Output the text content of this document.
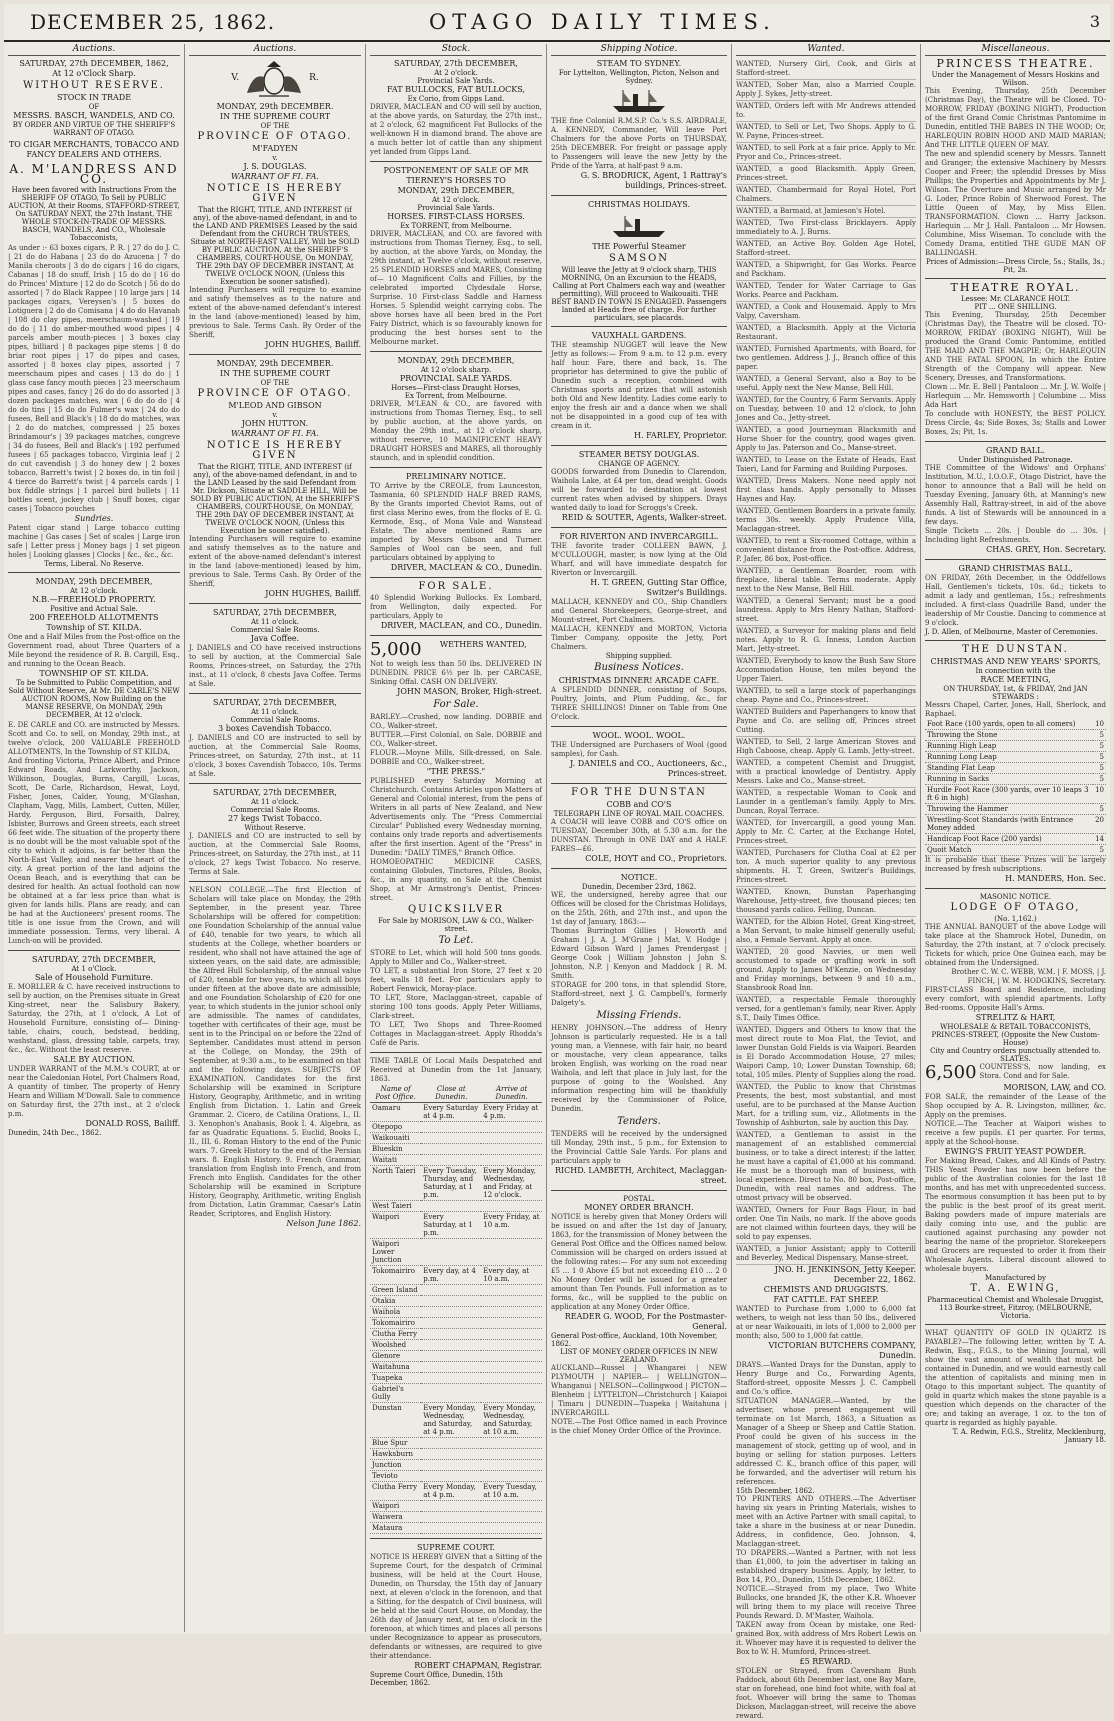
DECEMBER 25, 1862.	OTAGO DAILY TIMES.	3
Auctions.
SATURDAY, 27th DECEMBER, 1862,
At 12 o'Clock Sharp.
WITHOUT RESERVE.
STOCK IN TRADE
OF
MESSRS. BASCH, WANDELS, AND CO.
BY ORDER AND VIRTUE OF THE SHERIFF'S WARRANT OF OTAGO.
TO CIGAR MERCHANTS, TOBACCO AND FANCY DEALERS AND OTHERS.
A. M'LANDRESS AND CO.
Have been favored with Instructions From the SHERIFF OF OTAGO, To Sell by PUBLIC AUCTION, At their Rooms, STAFFORD-STREET, On SATURDAY NEXT, the 27th Instant, THE WHOLE STOCK-IN-TRADE OF MESSRS. BASCH, WANDELS, And CO., Wholesale Tobacconists,
As under :- 63 boxes cigars, P. R. | 27 do do J. C. | 21 do do Habana | 23 do do Azucena | 7 do Manila cheroots | 3 do do cigars | 16 do cigars, Cabanas | 18 do snuff, Irish | 15 do do | 16 do do Princes' Mixture | 12 do do Scotch | 56 do do assorted | 7 do Black Rappee | 10 large jars | 14 packages cigars, Vereysen's | 5 boxes do Lotiguera | 2 do do Comisana | 4 do do Havanah | 108 do clay pipes, meerschaum-washed | 19 do do | 11 do amber-mouthed wood pipes | 4 parcels amber mouth-pieces | 3 boxes clay pipes, billiard | 8 packages pipe stems | 8 do briar root pipes | 17 do pipes and cases, assorted | 8 boxes clay pipes, assorted | 7 meerschaum pipes and cases | 13 do do | 1 glass case fancy mouth pieces | 23 meerschaum pipes and cases, fancy | 26 do do do assorted | 3 dozen packages matches, wax | 6 do do do | 4 do do tins | 15 do do Fulmer's wax | 24 do do fusees, Bell and Black's | 18 do do matches, wax | 2 do do matches, compressed | 25 boxes Brindamour's | 39 packages matches, congreve | 34 do fusees, Bell and Black's | 192 perfumed fusees | 65 packages tobacco, Virginia leaf | 2 do cut cavendish | 3 do honey dew | 2 boxes tobacco, Barrett's twist | 2 boxes do, in tin foil | 4 tierce do Barrett's twist | 4 parcels cards | 1 box fiddle strings | 1 parcel bird bullets | 11 bottles scent, jockey club | Snuff boxes, cigar cases | Tobacco pouches
Sundries.
Patent cigar stand | Large tobacco cutting machine | Gas cases | Set of scales | Large iron safe | Letter press | Money bags | 1 set pigeon holes | Looking glasses | Clocks | &c., &c., &c.
Terms, Liberal. No Reserve.
MONDAY, 29th DECEMBER,
At 12 o'clock.
N.B.—FREEHOLD PROPERTY.
Positive and Actual Sale.
200 FREEHOLD ALLOTMENTS
Township of ST. KILDA.
One and a Half Miles from the Post-office on the Government road, about Three Quarters of a Mile beyond the residence of R. B. Cargill, Esq., and running to the Ocean Beach.
TOWNSHIP OF ST. KILDA.
To be Submitted to Public Competition, and Sold Without Reserve, At Mr. DE CARLE'S NEW AUCTION ROOMS, Now Building on the MANSE RESERVE, On MONDAY, 29th DECEMBER, At 12 o'clock.
E. DE CARLE and CO. are instructed by Messrs. Scott and Co. to sell, on Monday, 29th inst., at twelve o'clock, 200 VALUABLE FREEHOLD ALLOTMENTS, In the Township of ST KILDA,
And fronting Victoria, Prince Albert, and Prince Edward Roads, And Larkworthy, Jackson, Wilkinson, Douglas, Burns, Cargill, Lucas, Scott, De Carle, Richardson, Hewat, Loyd, Fisher, Jones, Calder, Young, M'Glashan, Clapham, Vagg, Mills, Lambert, Cutten, Miller, Hardy, Ferguson, Bird, Forsaith, Dalrey, Isbister, Burrows and Green streets, each street 66 feet wide. The situation of the property there is no doubt will be the most valuable spot of the city to which it adjoins, is far better than the North-East Valley, and nearer the heart of the city. A great portion of the land adjoins the Ocean Beach, and is everything that can be desired for health. An actual foothold can now be obtained at a far less price than what is given for lands hills. Plans are ready, and can be had at the Auctioneers' present rooms. The title is one issue from the Crown, and will immediate possession. Terms, very liberal. A Lunch-on will be provided.
SATURDAY, 27th DECEMBER,
At 1 o'Clock.
Sale of Household Furniture.
E. MORLLER & C. have received instructions to sell by auction, on the Premises situate in Great King-street, near the Salisbury Bakery, Saturday, the 27th, at 1 o'clock, A Lot of Household Furniture, consisting of— Dining-table, chairs, couch, bedstead, bedding, washstand, glass, dressing table, carpets, tray, &c., &c. Without the least reserve.
SALE BY AUCTION.
UNDER WARRANT of the M.M.'s COURT, at or near the Caledonian Hotel, Port Chalmers Road, A quantity of timber, The property of Henry Hearn and William M'Dowall. Sale to commence on Saturday first, the 27th inst., at 2 o'clock p.m.
DONALD ROSS, Bailiff.
Dunedin, 24th Dec., 1862.
Auctions.
V.	R.
MONDAY, 29th DECEMBER.
IN THE SUPREME COURT
OF THE
PROVINCE OF OTAGO.
M'FADYEN
v.
J. S. DOUGLAS.
WARRANT OF FI. FA.
NOTICE IS HEREBY GIVEN
That the RIGHT, TITLE, AND INTEREST (if any), of the above-named defendant, in and to the LAND AND PREMISES Leased by the said Defendant from the CHURCH TRUSTEES, Situate at NORTH-EAST VALLEY, Will be SOLD BY PUBLIC AUCTION, At the SHERIFF'S CHAMBERS, COURT-HOUSE, On MONDAY, THE 29th DAY OF DECEMBER INSTANT, At TWELVE O'CLOCK NOON, (Unless this Execution be sooner satisfied).
Intending Purchasers will require to examine and satisfy themselves as to the nature and extent of the above-named defendant's interest in the land (above-mentioned) leased by him, previous to Sale. Terms Cash. By Order of the Sheriff,
JOHN HUGHES, Bailiff.
MONDAY, 29th DECEMBER.
IN THE SUPREME COURT
OF THE
PROVINCE OF OTAGO.
M'LEOD AND GIBSON
v.
JOHN HUTTON.
WARRANT OF FI. FA.
NOTICE IS HEREBY GIVEN
That the RIGHT, TITLE, AND INTEREST (if any), of the above-named defendant, in and to the LAND Leased by the said Defendant from Mr. Dickson, Situate at SADDLE HILL, Will be SOLD BY PUBLIC AUCTION, At the SHERIFF'S CHAMBERS, COURT-HOUSE, On MONDAY, THE 29th DAY OF DECEMBER INSTANT, At TWELVE O'CLOCK NOON, (Unless this Execution be sooner satisfied).
Intending Purchasers will require to examine and satisfy themselves as to the nature and extent of the above-named defendant's interest in the land (above-mentioned) leased by him, previous to Sale. Terms Cash. By Order of the Sheriff,
JOHN HUGHES, Bailiff.
SATURDAY, 27th DECEMBER,
At 11 o'clock.
Commercial Sale Rooms.
Java Coffee.
J. DANIELS and CO have received instructions to sell by auction, at the Commercial Sale Rooms, Princes-street, on Saturday, the 27th inst., at 11 o'clock, 8 chests Java Coffee. Terms at Sale.
SATURDAY, 27th DECEMBER,
At 11 o'clock.
Commercial Sale Rooms.
3 boxes Cavendish Tobacco.
J. DANIELS and CO are instructed to sell by auction, at the Commercial Sale Rooms, Princes-street, on Saturday, 27th inst., at 11 o'clock, 3 boxes Cavendish Tobacco, 10s. Terms at Sale.
SATURDAY, 27th DECEMBER,
At 11 o'clock.
Commercial Sale Rooms.
27 kegs Twist Tobacco.
Without Reserve.
J. DANIELS and CO are instructed to sell by auction, at the Commercial Sale Rooms, Princes-street, on Saturday, the 27th inst., at 11 o'clock, 27 kegs Twist Tobacco. No reserve. Terms at Sale.
NELSON COLLEGE.—The first Election of Scholars will take place on Monday, the 29th September, in the present year. Three Scholarships will be offered for competition: one Foundation Scholarship of the annual value of £40, tenable for two years, to which all students at the College, whether boarders or resident, who shall not have attained the age of sixteen years, on the said date, are admissible; the Alfred Hull Scholarship, of the annual value of £20, tenable for two years, to which all boys under fifteen at the above date are admissible; and one Foundation Scholarship of £20 for one year, to which students in the junior school only are admissible. The names of candidates, together with certificates of their age, must be sent in to the Principal on or before the 22nd of September. Candidates must attend in person at the College, on Monday, the 29th of September, at 9:30 a.m., to be examined on that and the following days. SUBJECTS OF EXAMINATION. Candidates for the first Scholarship will be examined in Scripture History, Geography, Arithmetic, and in writing English from Dictation. 1. Latin and Greek Grammar. 2. Cicero, de Catilina Orations, I., II. 3. Xenophon's Anabasis, Book I. 4. Algebra, as far as Quadratic Equations. 5. Euclid, Books I., II., III. 6. Roman History to the end of the Punic wars. 7. Greek History to the end of the Persian wars. 8. English History. 9. French Grammar, translation from English into French, and from French into English. Candidates for the other Scholarship will be examined in Scripture History, Geography, Arithmetic, writing English from Dictation, Latin Grammar, Caesar's Latin Reader, Scriptores, and English History.
Nelson June 1862.
Stock.
SATURDAY, 27th DECEMBER,
At 2 o'clock.
Provincial Sale Yards.
FAT BULLOCKS, FAT BULLOCKS,
Ex Corio, from Gipps Land.
DRIVER, MACLEAN and CO will sell by auction, at the above yards, on Saturday, the 27th inst., at 2 o'clock, 62 magnificent Fat Bullocks of the well-known H in diamond brand. The above are a much better lot of cattle than any shipment yet landed from Gipps Land.
POSTPONEMENT OF SALE OF MR TIERNEY'S HORSES TO
MONDAY, 29th DECEMBER,
At 12 o'clock.
Provincial Sale Yards.
HORSES. FIRST-CLASS HORSES.
Ex TORRENT, from Melbourne.
DRIVER, MACLEAN, and CO. are favored with instructions from Thomas Tierney, Esq., to sell, by auction, at the above Yards, on Monday, the 29th instant, at Twelve o'clock, without reserve, 25 SPLENDID HORSES and MARES, Consisting of— 10 Magnificent Colts and Fillies, by the celebrated imported Clydesdale Horse, Surprise. 10 First-class Saddle and Harness Horses. 5 Splendid weight carrying cobs. The above horses have all been bred in the Port Fairy District, which is so favourably known for producing the best horses sent to the Melbourne market.
MONDAY, 29th DECEMBER,
At 12 o'clock sharp.
PROVINCIAL SALE YARDS.
Horses—First-class Draught Horses,
Ex Torrent, from Melbourne.
DRIVER, M'LEAN & CO., are favored with instructions from Thomas Tierney, Esq., to sell by public auction, at the above yards, on Monday the 29th inst., at 12 o'clock sharp, without reserve, 10 MAGNIFICENT HEAVY DRAUGHT HORSES and MARES, all thoroughly staunch, and in splendid condition.
PRELIMINARY NOTICE.
TO Arrive by the CREOLE, from Launceston, Tasmania, 60 SPLENDID HALF BRED RAMS, By the Grants imported Cheviot Rams, out of first class Merino ewes, from the flocks of E. G. Kermode, Esq., of Mona Vale and Wanstead Estate. The above mentioned Rams are imported by Messrs Gibson and Turner. Samples of Wool can be seen, and full particulars obtained by applying to
DRIVER, MACLEAN & CO., Dunedin.
FOR SALE.
40 Splendid Working Bullocks. Ex Lombard, from Wellington, daily expected. For particulars, Apply to
DRIVER, MACLEAN, and CO., Dunedin.
5,000	WETHERS WANTED,
Not to weigh less than 50 lbs. DELIVERED IN DUNEDIN. PRICE 6½ per lb. per CARCASE, Sinking Offal. CASH ON DELIVERY.
JOHN MASON, Broker, High-street.
For Sale.
BARLEY.—Crushed, now landing. DOBBIE and CO., Walker-street.
BUTTER.—First Colonial, on Sale. DOBBIE and CO., Walker-street.
FLOUR.—Moyne Mills, Silk-dressed, on Sale. DOBBIE and CO., Walker-street.
"THE PRESS."
PUBLISHED every Saturday Morning at Christchurch. Contains Articles upon Matters of General and Colonial interest, from the pens of Writers in all parts of New Zealand, and New Advertisements only. The "Press Commercial Circular" Published every Wednesday morning, contains only trade reports and advertisements after the first insertion. Agent of the "Press" in Dunedin: "DAILY TIMES," Branch Office.
HOMOEOPATHIC MEDICINE CASES, containing Globules, Tinctures, Pilules, Books, &c., in any quantity, on Sale at the Chemist Shop, at Mr Armstrong's Dentist, Princes-street.
QUICKSILVER
For Sale by MORISON, LAW & CO., Walker-street.
To Let.
STORE to Let, which will hold 500 tons goods. Apply to Miller and Co., Walker-street.
TO LET, a substantial Iron Store, 27 feet x 20 feet, walls 18 feet. For particulars apply to Robert Fenwick, Moray-place.
TO LET, Store, Maclaggan-street, capable of storing 100 tons goods. Apply Peter Williams, Clark-street.
TO LET, Two Shops and Three-Roomed Cottages in Maclaggan-street. Apply Rhodda's Café de Paris.
TIME TABLE Of Local Mails Despatched and Received at Dunedin from the 1st January, 1863.
Name of Post Office.	Close at Dunedin.	Arrive at Dunedin.
Oamaru	Every Saturday at 4 p.m.	Every Friday at 4 p.m.
Otepopo		
Waikouaiti		
Blueskin		
Waitati		
North Taieri	Every Tuesday, Thursday, and Saturday, at 1 p.m.	Every Monday, Wednesday, and Friday, at 12 o'clock.
West Taieri		
Waipori	Every Saturday, at 1 p.m.	Every Friday, at 10 a.m.
Waipori Lower Junction		
Tokomairiro	Every day, at 4 p.m.	Every day, at 10 a.m.
Green Island		
Otakia		
Waihola		
Tokomairiro		
Clutha Ferry		
Woolshed		
Glenore		
Waitahuna		
Tuapeka		
Gabriel's Gully		
Dunstan	Every Monday, Wednesday, and Saturday, at 4 p.m.	Every Monday, Wednesday, and Saturday, at 10 a.m.
Blue Spur		
Hawksburn		
Junction		
Tevioto		
Clutha Ferry	Every Monday, at 4 p.m.	Every Tuesday, at 10 a.m.
Waipori		
Waiwera		
Mataura		
SUPREME COURT.
NOTICE IS HEREBY GIVEN that a Sitting of the Supreme Court, for the despatch of Criminal business, will be held at the Court House, Dunedin, on Thursday, the 15th day of January next, at eleven o'clock in the forenoon, and that a Sitting, for the despatch of Civil business, will be held at the said Court House, on Monday, the 26th day of January next, at ten o'clock in the forenoon, at which times and places all persons under Recognizance to appear as prosecutors, defendants or witnesses, are required to give their attendance.
ROBERT CHAPMAN, Registrar.
Supreme Court Office, Dunedin, 15th December, 1862.
Shipping Notice.
STEAM TO SYDNEY.
For Lyttelton, Wellington, Picton, Nelson and Sydney.
THE fine Colonial R.M.S.P. Co.'s S.S. AIRDRALE, A. KENNEDY, Commander, Will leave Port Chalmers for the above Ports on THURSDAY, 25th DECEMBER. For freight or passage apply to Passengers will leave the new Jetty by the Pride of the Yarra, at half-past 9 a.m.
G. S. BRODRICK, Agent, 1 Rattray's buildings, Princes-street.
CHRISTMAS HOLIDAYS.
THE Powerful Steamer
SAMSON
Will leave the Jetty at 9 o'clock sharp, THIS MORNING, On an Excursion to the HEADS, Calling at Port Chalmers each way and (weather permitting), Will proceed to Waikouaiti. THE BEST BAND IN TOWN IS ENGAGED. Passengers landed at Heads free of charge. For further particulars, see placards.
VAUXHALL GARDENS.
THE steamship NUGGET will leave the New Jetty as follows:— From 9 a.m. to 12 p.m. every half hour. Fare, there and back, 1s. The proprietor has determined to give the public of Dunedin such a reception, combined with Christmas sports and prizes that will astonish both Old and New Identity. Ladies come early to enjoy the fresh air and a dance when we shall not be disappointed in a good cup of tea with cream in it.
H. FARLEY, Proprietor.
STEAMER BETSY DOUGLAS.
CHANGE OF AGENCY.
GOODS forwarded from Dunedin to Clarendon, Waihola Lake, at £4 per ton, dead weight. Goods will be forwarded to destination at lowest current rates when advised by shippers. Drays wanted daily to load for Scroggs's Creek.
REID & SOUTER, Agents, Walker-street.
FOR RIVERTON AND INVERCARGILL.
THE favorite trader COLLEEN BAWN, J. M'CULLOUGH, master, is now lying at the Old Wharf, and will have immediate despatch for Riverton or Invercargill.
H. T. GREEN, Gutting Star Office, Switzer's Buildings.
MALLACH, KENNEDY and CO., Ship Chandlers and General Storekeepers, George-street, and Mount-street, Port Chalmers.
MALLACH, KENNEDY and MORTON, Victoria Timber Company, opposite the Jetty, Port Chalmers.
Shipping supplied.
Business Notices.
CHRISTMAS DINNER! ARCADE CAFE.
A SPLENDID DINNER, consisting of Soups, Poultry, Joints, and Plum Pudding, &c., for THREE SHILLINGS! Dinner on Table from One O'clock.
WOOL. WOOL. WOOL.
THE Undersigned are Purchasers of Wool (good samples), for Cash.
J. DANIELS and CO., Auctioneers, &c., Princes-street.
FOR THE DUNSTAN
COBB and CO'S
TELEGRAPH LINE OF ROYAL MAIL COACHES.
A COACH will leave COBB and CO'S office on TUESDAY, December 30th, at 5.30 a.m. for the DUNSTAN. Through in ONE DAY and A HALF. FARES—£6.
COLE, HOYT and CO., Proprietors.
NOTICE.
Dunedin, December 23rd, 1862.
WE, the undersigned, hereby agree that our Offices will be closed for the Christmas Holidays, on the 25th, 26th, and 27th inst., and upon the 1st day of January, 1863:—
Thomas Burrington Gillies | Howorth and Graham | J. A. J. M'Grane | Mat. V. Hodge | Edward Gibson Ward | James Prendergast | George Cook | William Johnston | John S. Johnston, N.P. | Kenyon and Maddock | R. M. Smith.
STORAGE for 200 tons, in that splendid Store, Stafford-street, next J. G. Campbell's, formerly Dalgety's.
Missing Friends.
HENRY JOHNSON.—The address of Henry Johnson is particularly requested. He is a tall young man, a Viennese, with fair hair, no beard or moustache, very clean appearance, talks broken English, was working on the road near Waihola, and left that place in July last, for the purpose of going to the Woolshed. Any information respecting him will be thankfully received by the Commissioner of Police, Dunedin.
Tenders.
TENDERS will be received by the undersigned till Monday, 29th inst., 5 p.m., for Extension to the Provincial Cattle Sale Yards. For plans and particulars apply to
RICHD. LAMBETH, Architect, Maclaggan-street.
POSTAL.
MONEY ORDER BRANCH.
NOTICE is hereby given that Money Orders will be issued on and after the 1st day of January, 1863, for the transmission of Money between the General Post Office and the Offices named below. Commission will be charged on orders issued at the following rates:— For any sum not exceeding £5 ... 1 0 Above £5 but not exceeding £10 ... 2 0 No Money Order will be issued for a greater amount than Ten Pounds. Full information as to forms, &c., will be supplied to the public on application at any Money Order Office.
READER G. WOOD, For the Postmaster-General.
General Post-office, Auckland, 10th November, 1862.
LIST OF MONEY ORDER OFFICES IN NEW ZEALAND.
AUCKLAND—Russel | Whangarei | NEW PLYMOUTH | NAPIER— | WELLINGTON—Whanganui | NELSON—Collingwood | PICTON—Blenheim | LYTTELTON—Christchurch | Kaiapoi | Timaru | DUNEDIN—Tuapeka | Waitahuna | INVERCARGILL
NOTE.—The Post Office named in each Province is the chief Money Order Office of the Province.
Wanted.
WANTED, Nursery Girl, Cook, and Girls at Stafford-street.
WANTED, Sober Man, also a Married Couple. Apply J. Sykes, Jetty-street.
WANTED, Orders left with Mr Andrews attended to.
WANTED, to Sell or Let, Two Shops. Apply to G. W. Payne, Princes-street.
WANTED, to sell Pork at a fair price. Apply to Mr. Pryor and Co., Princes-street.
WANTED, a good Blacksmith. Apply Green, Princes-street.
WANTED, Chambermaid for Royal Hotel, Port Chalmers.
WANTED, a Barmaid, at Jamieson's Hotel.
WANTED, Two First-class Bricklayers. Apply immediately to A. J. Burns.
WANTED, an Active Boy. Golden Age Hotel, Stafford-street.
WANTED, a Shipwright, for Gas Works. Pearce and Packham.
WANTED, Tender for Water Carriage to Gas Works. Pearce and Packham.
WANTED, a Cook and Housemaid. Apply to Mrs Valpy, Caversham.
WANTED, a Blacksmith. Apply at the Victoria Restaurant.
WANTED, Furnished Apartments, with Board, for two gentlemen. Address J. J., Branch office of this paper.
WANTED, a General Servant, also a Boy to be useful. Apply next the New Manse, Bell Hill.
WANTED, for the Country, 6 Farm Servants. Apply on Tuesday, between 10 and 12 o'clock, to John Jones and Co., Jetty-street.
WANTED, a good Journeyman Blacksmith and Horse Shoer for the country, good wages given. Apply to Jas. Paterson and Co., Manse-street.
WANTED, to Lease on the Estate of Heads, East Taieri, Land for Farming and Building Purposes.
WANTED, Dress Makers. None need apply not first class hands. Apply personally to Misses Haynes and Hay.
WANTED, Gentlemen Boarders in a private family, terms 30s. weekly. Apply Prudence Villa, Maclaggan-street.
WANTED, to rent a Six-roomed Cottage, within a convenient distance from the Post-office. Address, P. Jafer, 86 box, Post-office.
WANTED, a Gentleman Boarder, room with fireplace, liberal table. Terms moderate. Apply next to the New Manse, Bell Hill.
WANTED, a General Servant; must be a good laundress. Apply to Mrs Henry Nathan, Stafford-street.
WANTED, a Surveyor for making plans and field notes. Apply to R. G. Inness, London Auction Mart, Jetty-street.
WANTED, Everybody to know the Bush Saw Store Accommodation House, ten miles beyond the Upper Taieri.
WANTED, to sell a large stock of paperhangings cheap. Payne and Co., Princes-street.
WANTED Builders and Paperhangers to know that Payne and Co. are selling off, Princes street Cutting.
WANTED, to Sell, 2 large American Stoves and High Caboose, cheap. Apply G. Lamb, Jetty-street.
WANTED, a competent Chemist and Druggist, with a practical knowledge of Dentistry. Apply Messrs. Lake and Co., Manse-street.
WANTED, a respectable Woman to Cook and Launder in a gentleman's family. Apply to Mrs. Duncan, Royal Terrace.
WANTED, for Invercargill, a good young Man. Apply to Mr. C. Carter, at the Exchange Hotel, Princes-street.
WANTED, Purchasers for Clutha Coal at £2 per ton. A much superior quality to any previous shipments. H. T. Green, Switzer's Buildings, Princes-street.
WANTED, Known, Dunstan Paperhanging Warehouse, Jetty-street, five thousand pieces; ten thousand yards calico. Felling, Duncan.
WANTED, for the Albion Hotel, Great King-street, a Man Servant, to make himself generally useful; also, a Female Servant. Apply at once.
WANTED, 20 good Navvies, or men well accustomed to spade or grafting work in soft ground. Apply to James M'Kenzie, on Wednesday and Friday mornings, between 9 and 10 a.m., Stansbrook Road Inn.
WANTED, a respectable Female thoroughly versed, for a gentleman's family, near River. Apply S.T., Daily Times Office.
WANTED, Diggers and Others to know that the most direct route to Moa Flat, the Teviot, and lower Dunstan Gold Fields is via Waipori. Bearden is El Dorado Accommodation House, 27 miles; Waipori Camp, 10; Lower Dunstan Township, 68; total, 105 miles. Plenty of Supplies along the road.
WANTED, the Public to know that Christmas Presents, the best, most substantial, and most useful, are to be purchased at the Manse Auction Mart, for a trifling sum, viz., Allotments in the Township of Ashburton, sale by auction this Day.
WANTED, a Gentleman to assist in the management of an established commercial business, or to take a direct interest; if the latter, he must have a capital of £1,000 at his command. He must be a thorough man of business, with local experience. Direct to No. 80 box, Post-office, Dunedin, with real names and address. The utmost privacy will be observed.
WANTED, Owners for Four Bags Flour, in bad order. One Tin Nails, no mark. If the above goods are not claimed within fourteen days, they will be sold to pay expenses.
WANTED, a Junior Assistant; apply to Cotterill and Beverley, Medical Dispensary, Manse-street.
JNO. H. JENKINSON, Jetty Keeper. December 22, 1862.
CHEMISTS AND DRUGGISTS.
FAT CATTLE. FAT SHEEP.
WANTED to Purchase from 1,000 to 6,000 fat wethers, to weigh not less than 50 lbs., delivered at or near Waikouaiti, in lots of 1,000 to 2,000 per month; also, 500 to 1,000 fat cattle.
VICTORIAN BUTCHERS COMPANY, Dunedin.
DRAYS.—Wanted Drays for the Dunstan, apply to Henry Burge and Co., Forwarding Agents, Stafford-street, opposite Messrs J. C. Campbell and Co.'s office.
SITUATION MANAGER.—Wanted, by the advertiser, whose present engagement will terminate on 1st March, 1863, a Situation as Manager of a Sheep or Sheep and Cattle Station. Proof could be given of his success in the management of stock, getting up of wool, and in buying or selling for station purposes. Letters addressed C. K., branch office of this paper, will be forwarded, and the advertiser will return his references.
15th December, 1862.
TO PRINTERS AND OTHERS.—The Advertiser having six years in Printing Materials, wishes to meet with an Active Partner with small capital, to take a share in the business at or near Dunedin. Address, in confidence, Geo. Johnson, 4, Maclaggan-street.
TO DRAPERS.—Wanted a Partner, with not less than £1,000, to join the advertiser in taking an established drapery business. Apply, by letter, to Box 14, P.O., Dunedin, 15th December, 1862.
NOTICE.—Strayed from my place, Two White Bullocks, one branded JK, the other K.R. Whoever will bring them to my place will receive Three Pounds Reward. D. M'Master, Waihola.
TAKEN away from Ocean by mistake, one Red-grained Box, with address of Mrs Robert Lewis on it. Whoever may have it is requested to deliver the Box to W. H. Mumford, Princes-street.
£5 REWARD.
STOLEN or Strayed, from Caversham Bush Paddock, about 6th December last, one Bay Mare, star on forehead, one hind foot white, with foal at foot. Whoever will bring the same to Thomas Dickson, Maclaggan-street, will receive the above reward.
Miscellaneous.
PRINCESS THEATRE.
Under the Management of Messrs Hoskins and Wilson.
This Evening, Thursday, 25th December (Christmas Day), the Theatre will be Closed. TO-MORROW, FRIDAY (BOXING NIGHT), Production of the first Grand Comic Christmas Pantomime in Dunedin, entitled THE BABES IN THE WOOD; Or, HARLEQUIN ROBIN HOOD AND MAID MARIAN; And THE LITTLE QUEEN OF MAY.
The new and splendid scenery by Messrs. Tannett and Granger; the extensive Machinery by Messrs Cooper and Freer; the splendid Dresses by Miss Phillips; the Properties and Appointments by Mr J. Wilson. The Overture and Music arranged by Mr G. Loder, Prince Robin of Sherwood Forest. The Little Queen of May, by Miss Ellen. TRANSFORMATION. Clown ... Harry Jackson. Harlequin ... Mr J. Hall. Pantaloon ... Mr Howsen. Columbine, Miss Wiseman. To conclude with the Comedy Drama, entitled THE GUDE MAN OF BALLINGASH.
Prices of Admission:—Dress Circle, 5s.; Stalls, 3s.; Pit, 2s.
THEATRE ROYAL.
Lessee: Mr. CLARANCE HOLT.
PIT ... ONE SHILLING.
This Evening, Thursday, 25th December (Christmas Day), the Theatre will be closed. TO-MORROW, FRIDAY (BOXING NIGHT), Will be produced the Grand Comic Pantomime, entitled THE MAID AND THE MAGPIE; Or, HARLEQUIN AND THE FATAL SPOON, In which the Entire Strength of the Company will appear. New Scenery, Dresses, and Transformations.
Clown ... Mr. E. Bell | Pantaloon ... Mr. J. W. Wolfe | Harlequin ... Mr. Hemsworth | Columbine ... Miss Ada Hart
To conclude with HONESTY, the BEST POLICY. Dress Circle, 4s; Side Boxes, 3s; Stalls and Lower Boxes, 2s; Pit, 1s.
GRAND BALL.
Under Distinguished Patronage.
THE Committee of the Widows' and Orphans' Institution, M.U., I.O.O.F., Otago District, have the honor to announce that a Ball will be held on Tuesday Evening, January 6th, at Manning's new Assembly Hall, Rattray-street, in aid of the above funds. A list of Stewards will be announced in a few days.
Single Tickets ... 20s. | Double do ... 30s. | Including light Refreshments.
CHAS. GREY, Hon. Secretary.
GRAND CHRISTMAS BALL,
ON FRIDAY, 26th December, in the Oddfellows Hall, Gentlemen's tickets, 10s. 6d.; tickets to admit a lady and gentleman, 15s.; refreshments included. A first-class Quadrille Band, under the leadership of Mr Coustie. Dancing to commence at 9 o'clock.
J. D. Allen, of Melbourne, Master of Ceremonies.
THE DUNSTAN.
CHRISTMAS AND NEW YEARS' SPORTS,
In connection with the
RACE MEETING,
ON THURSDAY, 1st, & FRIDAY, 2nd JAN
STEWARDS :
Messrs Chapel, Carter, Jones, Hall, Sherlock, and Raphael.
Foot Race (100 yards, open to all comers)	10
Throwing the Stone	5
Running High Leap	5
Running Long Leap	5
Standing Flat Leap	5
Running in Sacks	5
Hurdle Foot Race (300 yards, over 10 leaps 3 ft 6 in high)	10
Throwing the Hammer	5
Wrestling-Scot Standards (with Entrance Money added	20
Handicap Foot Race (200 yards)	14
Quoit Match	5
It is probable that these Prizes will be largely increased by fresh subscriptions.
H. MANDERS, Hon. Sec.
MASONIC NOTICE.
LODGE OF OTAGO,
(No. 1,162.)
THE ANNUAL BANQUET of the above Lodge will take place at the Shamrock Hotel, Dunedin, on Saturday, the 27th instant, at 7 o'clock precisely. Tickets for which, price One Guinea each, may be obtained from the Undersigned.
Brother C. W. C. WEBB, W.M. | F. MOSS, | J. FINCH, | W. M. HODGKINS, Secretary.
FIRST-CLASS Board and Residence, including every comfort, with splendid apartments. Lofty Bed-rooms. Opposite Hall's Arms.
STRELITZ & HART,
WHOLESALE & RETAIL TOBACCONISTS,
PRINCES-STREET, (Opposite the New Custom-House)
City and Country orders punctually attended to.
SLATES.
6,500 COUNTESS'S, now landing, ex Stora. Cond and for Sale.
MORISON, LAW, and CO.
FOR SALE, the remainder of the Lease of the Shop occupied by A. R. Livingston, milliner, &c. Apply on the premises.
NOTICE.—The Teacher at Waipori wishes to receive a few pupils. £1 per quarter. For terms, apply at the School-house.
EWING'S FRUIT YEAST POWDER.
For Making Bread, Cakes, and All Kinds of Pastry. THIS Yeast Powder has now been before the public of the Australian colonies for the last 18 months, and has met with unprecedented success. The enormous consumption it has been put to by the public is the best proof of its great merit. Baking powders made of impure materials are daily coming into use, and the public are cautioned against purchasing any powder not bearing the name of the proprietor. Storekeepers and Grocers are requested to order it from their Wholesale Agents. Liberal discount allowed to wholesale buyers.
Manufactured by
T. A. EWING,
Pharmaceutical Chemist and Wholesale Druggist, 113 Bourke-street, Fitzroy, (MELBOURNE, Victoria.
WHAT QUANTITY OF GOLD IN QUARTZ IS PAYABLE?—The following letter, written by T. A. Redwin, Esq., F.G.S., to the Mining Journal, will show the vast amount of wealth that must be contained in Dunedin, and we would earnestly call the attention of capitalists and mining men in Otago to this important subject. The quantity of gold in quartz which makes the stone payable is a question which depends on the character of the ore; and taking an average, 1 oz. to the ton of quartz is regarded as highly payable.
T. A. Redwin, F.G.S., Strelitz, Mecklenburg, January 18.
